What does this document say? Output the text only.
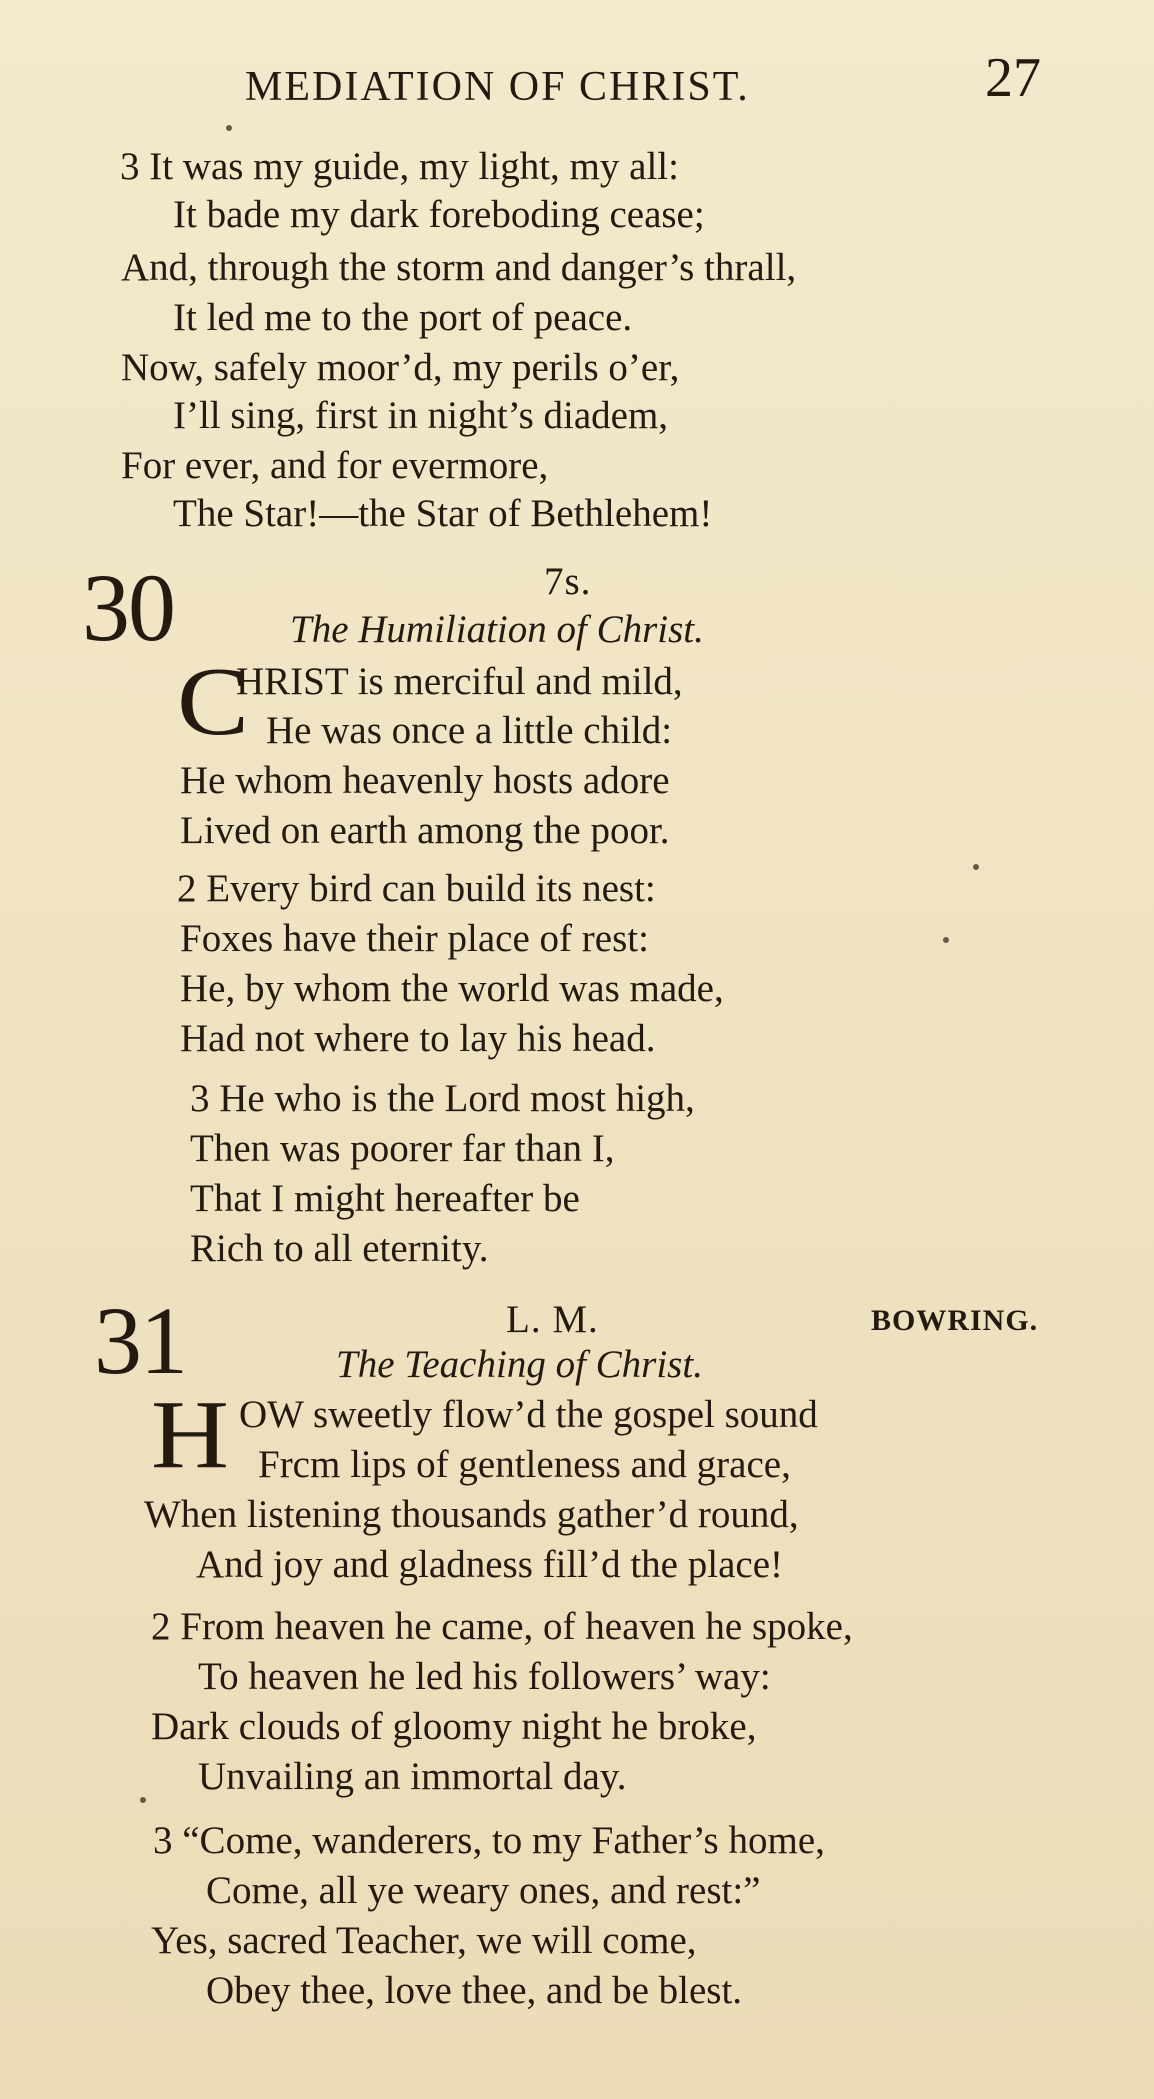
MEDIATION OF CHRIST.	27
3 It was my guide, my light, my all:
It bade my dark foreboding cease;
And, through the storm and danger’s thrall,
It led me to the port of peace.
Now, safely moor’d, my perils o’er,
I’ll sing, first in night’s diadem,
For ever, and for evermore,
The Star!—the Star of Bethlehem!
30	7s.
The Humiliation of Christ.
C
HRIST is merciful and mild,
He was once a little child:
He whom heavenly hosts adore
Lived on earth among the poor.
2 Every bird can build its nest:
Foxes have their place of rest:
He, by whom the world was made,
Had not where to lay his head.
3 He who is the Lord most high,
Then was poorer far than I,
That I might hereafter be
Rich to all eternity.
31	L. M.	BOWRING.
The Teaching of Christ.
H OW sweetly flow’d the gospel sound
Frcm lips of gentleness and grace,
When listening thousands gather’d round,
And joy and gladness fill’d the place!
2 From heaven he came, of heaven he spoke,
To heaven he led his followers’ way:
Dark clouds of gloomy night he broke,
Unvailing an immortal day.
3 “Come, wanderers, to my Father’s home,
Come, all ye weary ones, and rest:”
Yes, sacred Teacher, we will come,
Obey thee, love thee, and be blest.
